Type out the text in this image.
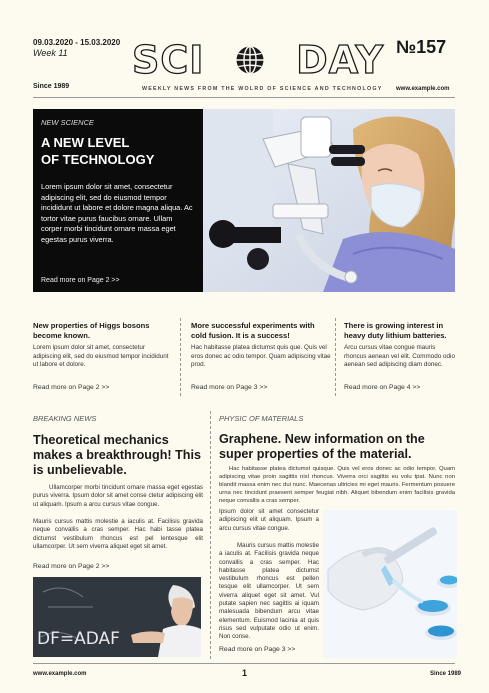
09.03.2020 - 15.03.2020
Week 11
Since 1989
SCI DAY №157
WEEKLY NEWS FROM THE WOLRD OF SCIENCE AND TECHNOLOGY www.example.com
NEW SCIENCE
A NEW LEVEL
OF TECHNOLOGY
Lorem ipsum dolor sit amet, consectetur adipiscing elit, sed do eiusmod tempor incididunt ut labore et dolore magna aliqua. Ac tortor vitae purus faucibus ornare. Ullam corper morbi tincidunt ornare massa eget egestas purus viverra.
Read more on Page 2 >>
New properties of Higgs bosons become known.
Lorem ipsum dolor sit amet, consectetur adipiscing elit, sed do eiusmod tempor incididunt ut labore et dolore.
Read more on Page 2 >>
More successful experiments with cold fusion. It is a success!
Hac habitasse platea dictumst quis que. Quis vel eros donec ac odio tempor. Quam adipiscing vitae prod.
Read more on Page 3 >>
There is growing interest in heavy duty lithium batteries.
Arcu cursus vitae congue mauris rhoncus aenean vel elit. Commodo odio aenean sed adipiscing diam donec.
Read more on Page 4 >>
BREAKING NEWS
Theoretical mechanics makes a breakthrough! This is unbelievable.
Ullamcorper morbi tincidunt ornare massa eget egestas purus viverra. Ipsum dolor sit amet conse ctetur adipiscing elit ut aliquam. Ipsum a arcu cursus vitae congue.
Mauris cursus mattis molestie a iaculis at. Facilisis gravida neque convallis a cras semper. Hac habi tasse platea dictumst vestibulum rhoncus est pel lentesque elit ullamcorper. Ut sem viverra aliquet eget sit amet.
Read more on Page 2 >>
DF=ADAF
PHYSIC OF MATERIALS
Graphene. New information on the super properties of the material.
Hac habitasse platea dictumst quisque. Quis vel eros donec ac odio tempor. Quam adipiscing vitae proin sagittis nisl rhoncus. Viverra orci sagittis eu volu tpat. Nunc non blandit massa enim nec dui nunc. Maecenas ultricies mi eget mauris. Fermentum posuere urna nec tincidunt praesent semper feugiat nibh. Aliquet bibendum enim facilisis gravida neque convallis a cras semper.
Ipsum dolor sit amet consectetur adipiscing elit ut aliquam. Ipsum a arcu cursus vitae congue.
Mauris cursus mattis molestie a iaculis at. Facilisis gravida neque convallis a cras semper. Hac habitasse platea dictumst vestibulum rhoncus est pellen tesque elit ullamcorper. Ut sem viverra aliquet eget sit amet. Vul putate sapien nec sagittis ai iquam malesuada bibendum arcu vitae elementum. Euismod lacinia at quis risus sed vulputate odio ut enim. Non conse.
Read more on Page 3 >>
www.example.com	1	Since 1989
